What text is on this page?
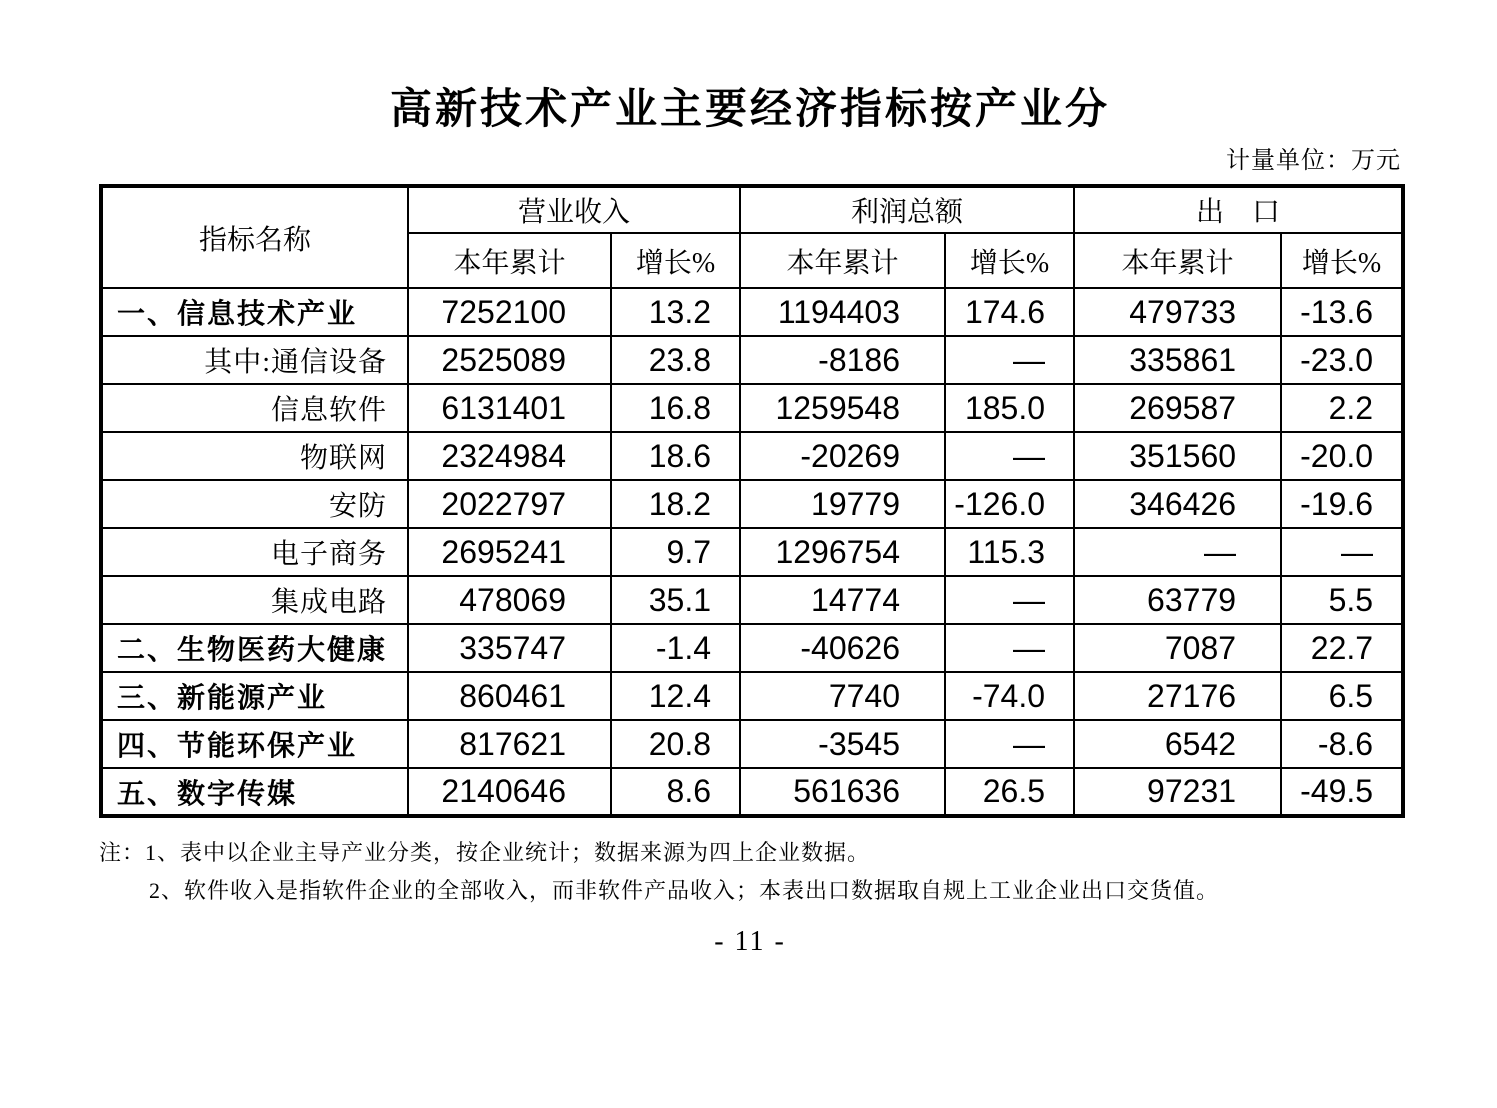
高新技术产业主要经济指标按产业分
计量单位：万元
指标名称	营业收入		利润总额		出　口	
	本年累计	增长%	本年累计	增长%	本年累计	增长%
一、信息技术产业	7252100	13.2	1194403	174.6	479733	-13.6
其中:通信设备	2525089	23.8	-8186	—	335861	-23.0
信息软件	6131401	16.8	1259548	185.0	269587	2.2
物联网	2324984	18.6	-20269	—	351560	-20.0
安防	2022797	18.2	19779	-126.0	346426	-19.6
电子商务	2695241	9.7	1296754	115.3	—	—
集成电路	478069	35.1	14774	—	63779	5.5
二、生物医药大健康	335747	-1.4	-40626	—	7087	22.7
三、新能源产业	860461	12.4	7740	-74.0	27176	6.5
四、节能环保产业	817621	20.8	-3545	—	6542	-8.6
五、数字传媒	2140646	8.6	561636	26.5	97231	-49.5
注：1、表中以企业主导产业分类，按企业统计；数据来源为四上企业数据。
2、软件收入是指软件企业的全部收入，而非软件产品收入；本表出口数据取自规上工业企业出口交货值。
- 11 -
